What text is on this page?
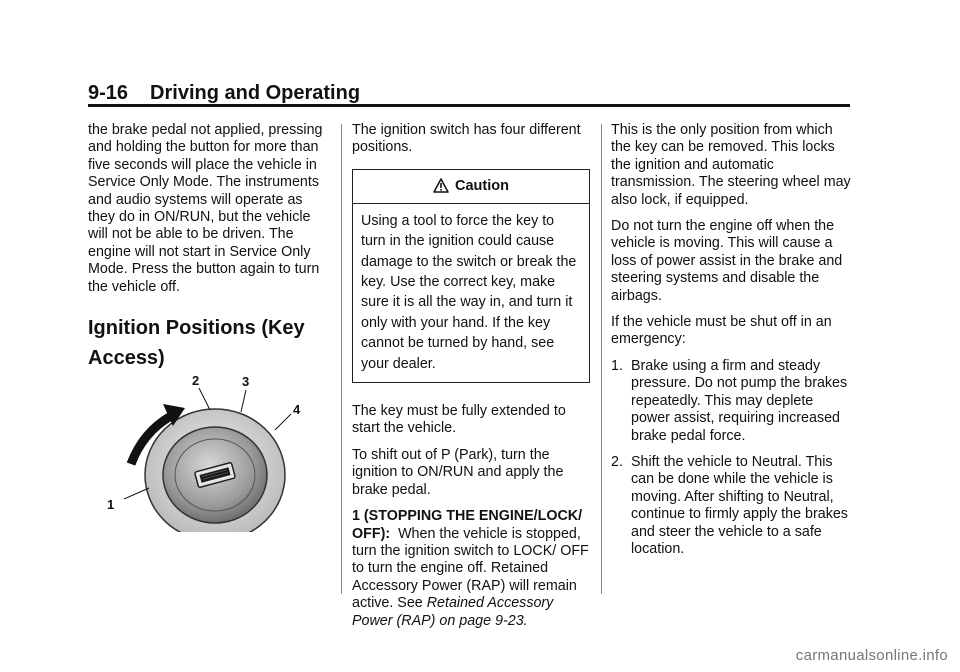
9-16 Driving and Operating

the brake pedal not applied, pressing and holding the button for more than five seconds will place the vehicle in Service Only Mode. The instruments and audio systems will operate as they do in ON/RUN, but the vehicle will not be able to be driven. The engine will not start in Service Only Mode. Press the button again to turn the vehicle off.

Ignition Positions (Key Access)
1
2	3
4

The ignition switch has four different positions.

Caution
Using a tool to force the key to turn in the ignition could cause damage to the switch or break the key. Use the correct key, make sure it is all the way in, and turn it only with your hand. If the key cannot be turned by hand, see your dealer.

The key must be fully extended to start the vehicle.

To shift out of P (Park), turn the ignition to ON/RUN and apply the brake pedal.

1 (STOPPING THE ENGINE/LOCK/ OFF): When the vehicle is stopped, turn the ignition switch to LOCK/ OFF to turn the engine off. Retained Accessory Power (RAP) will remain active. See Retained Accessory Power (RAP) on page 9-23.

This is the only position from which the key can be removed. This locks the ignition and automatic transmission. The steering wheel may also lock, if equipped.

Do not turn the engine off when the vehicle is moving. This will cause a loss of power assist in the brake and steering systems and disable the airbags.

If the vehicle must be shut off in an emergency:

1. Brake using a firm and steady pressure. Do not pump the brakes repeatedly. This may deplete power assist, requiring increased brake pedal force.
2. Shift the vehicle to Neutral. This can be done while the vehicle is moving. After shifting to Neutral, continue to firmly apply the brakes and steer the vehicle to a safe location.
carmanualsonline.info
